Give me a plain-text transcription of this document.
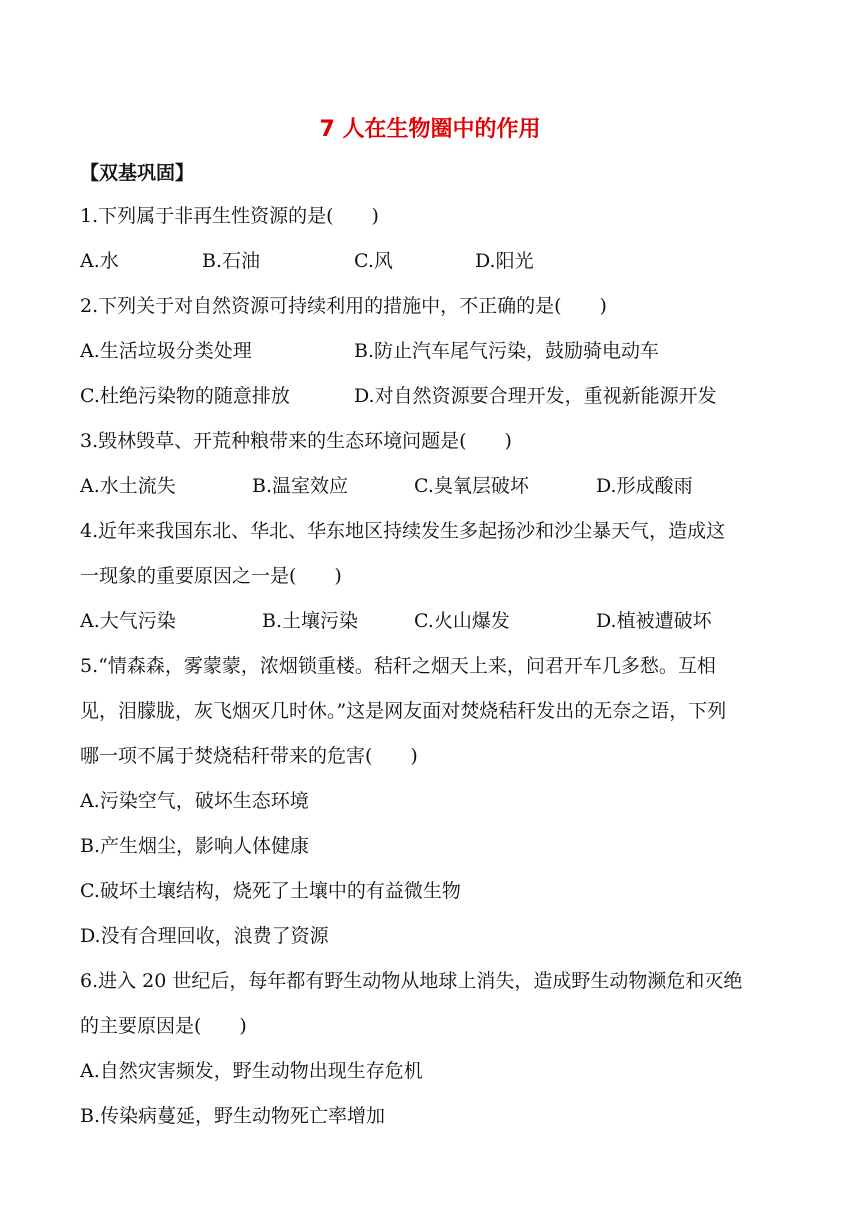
7 人在生物圈中的作用
【双基巩固】
1.下列属于非再生性资源的是(　　)
A.水	B.石油	C.风	D.阳光
2.下列关于对自然资源可持续利用的措施中，不正确的是(　　)
A.生活垃圾分类处理	B.防止汽车尾气污染，鼓励骑电动车
C.杜绝污染物的随意排放	D.对自然资源要合理开发，重视新能源开发
3.毁林毁草、开荒种粮带来的生态环境问题是(　　)
A.水土流失	B.温室效应	C.臭氧层破坏	D.形成酸雨
4.近年来我国东北、华北、华东地区持续发生多起扬沙和沙尘暴天气，造成这
一现象的重要原因之一是(　　)
A.大气污染	B.土壤污染	C.火山爆发	D.植被遭破坏
5.“情森森，雾蒙蒙，浓烟锁重楼。秸秆之烟天上来，问君开车几多愁。互相
见，泪朦胧，灰飞烟灭几时休。”这是网友面对焚烧秸秆发出的无奈之语，下列
哪一项不属于焚烧秸秆带来的危害(　　)
A.污染空气，破坏生态环境
B.产生烟尘，影响人体健康
C.破坏土壤结构，烧死了土壤中的有益微生物
D.没有合理回收，浪费了资源
6.进入 20 世纪后，每年都有野生动物从地球上消失，造成野生动物濒危和灭绝
的主要原因是(　　)
A.自然灾害频发，野生动物出现生存危机
B.传染病蔓延，野生动物死亡率增加
